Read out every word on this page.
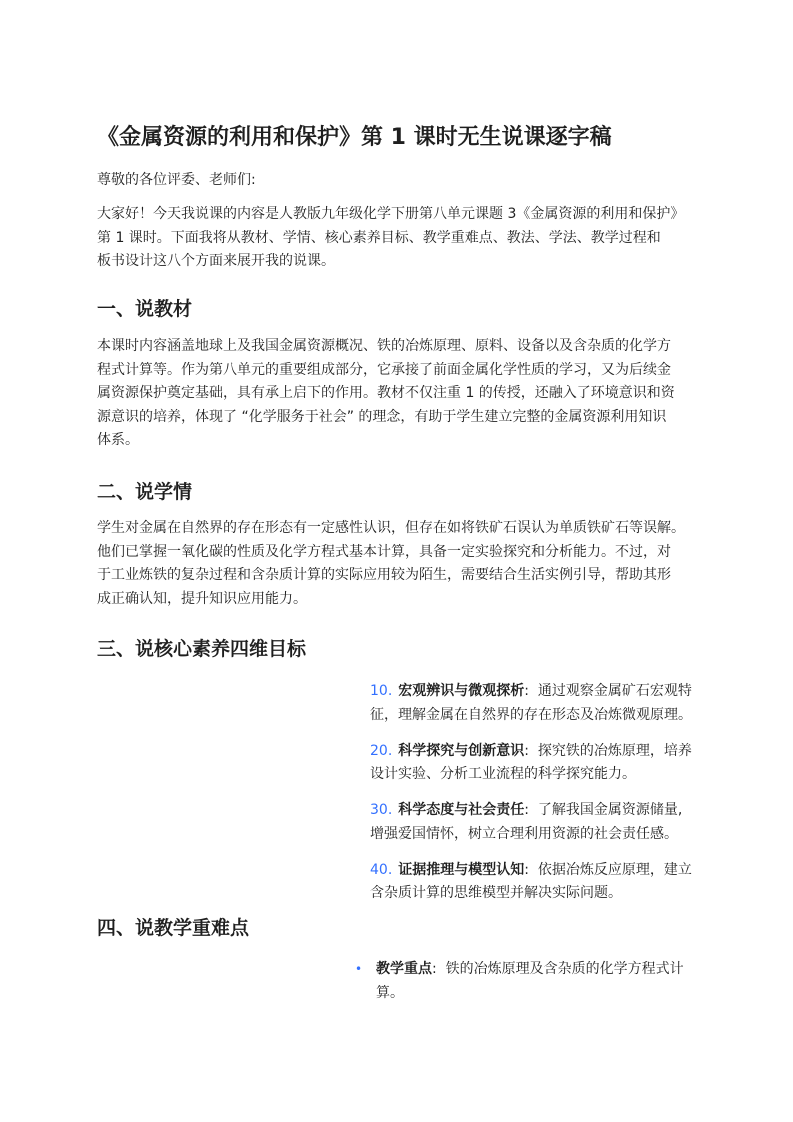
《金属资源的利用和保护》第 1 课时无生说课逐字稿

尊敬的各位评委、老师们:

大家好！今天我说课的内容是人教版九年级化学下册第八单元课题 3《金属资源的利用和保护》
第 1 课时。下面我将从教材、学情、核心素养目标、教学重难点、教法、学法、教学过程和
板书设计这八个方面来展开我的说课。

一、说教材

本课时内容涵盖地球上及我国金属资源概况、铁的冶炼原理、原料、设备以及含杂质的化学方
程式计算等。作为第八单元的重要组成部分，它承接了前面金属化学性质的学习，又为后续金
属资源保护奠定基础，具有承上启下的作用。教材不仅注重 1 的传授，还融入了环境意识和资
源意识的培养，体现了 “化学服务于社会” 的理念，有助于学生建立完整的金属资源利用知识
体系。

二、说学情

学生对金属在自然界的存在形态有一定感性认识，但存在如将铁矿石误认为单质铁矿石等误解。
他们已掌握一氧化碳的性质及化学方程式基本计算，具备一定实验探究和分析能力。不过，对
于工业炼铁的复杂过程和含杂质计算的实际应用较为陌生，需要结合生活实例引导，帮助其形
成正确认知，提升知识应用能力。

三、说核心素养四维目标
10. 宏观辨识与微观探析: 通过观察金属矿石宏观特
征，理解金属在自然界的存在形态及冶炼微观原理。
20. 科学探究与创新意识: 探究铁的冶炼原理，培养
设计实验、分析工业流程的科学探究能力。
30. 科学态度与社会责任: 了解我国金属资源储量,
增强爱国情怀，树立合理利用资源的社会责任感。
40. 证据推理与模型认知: 依据冶炼反应原理，建立
含杂质计算的思维模型并解决实际问题。
四、说教学重难点
• 教学重点: 铁的冶炼原理及含杂质的化学方程式计
算。
